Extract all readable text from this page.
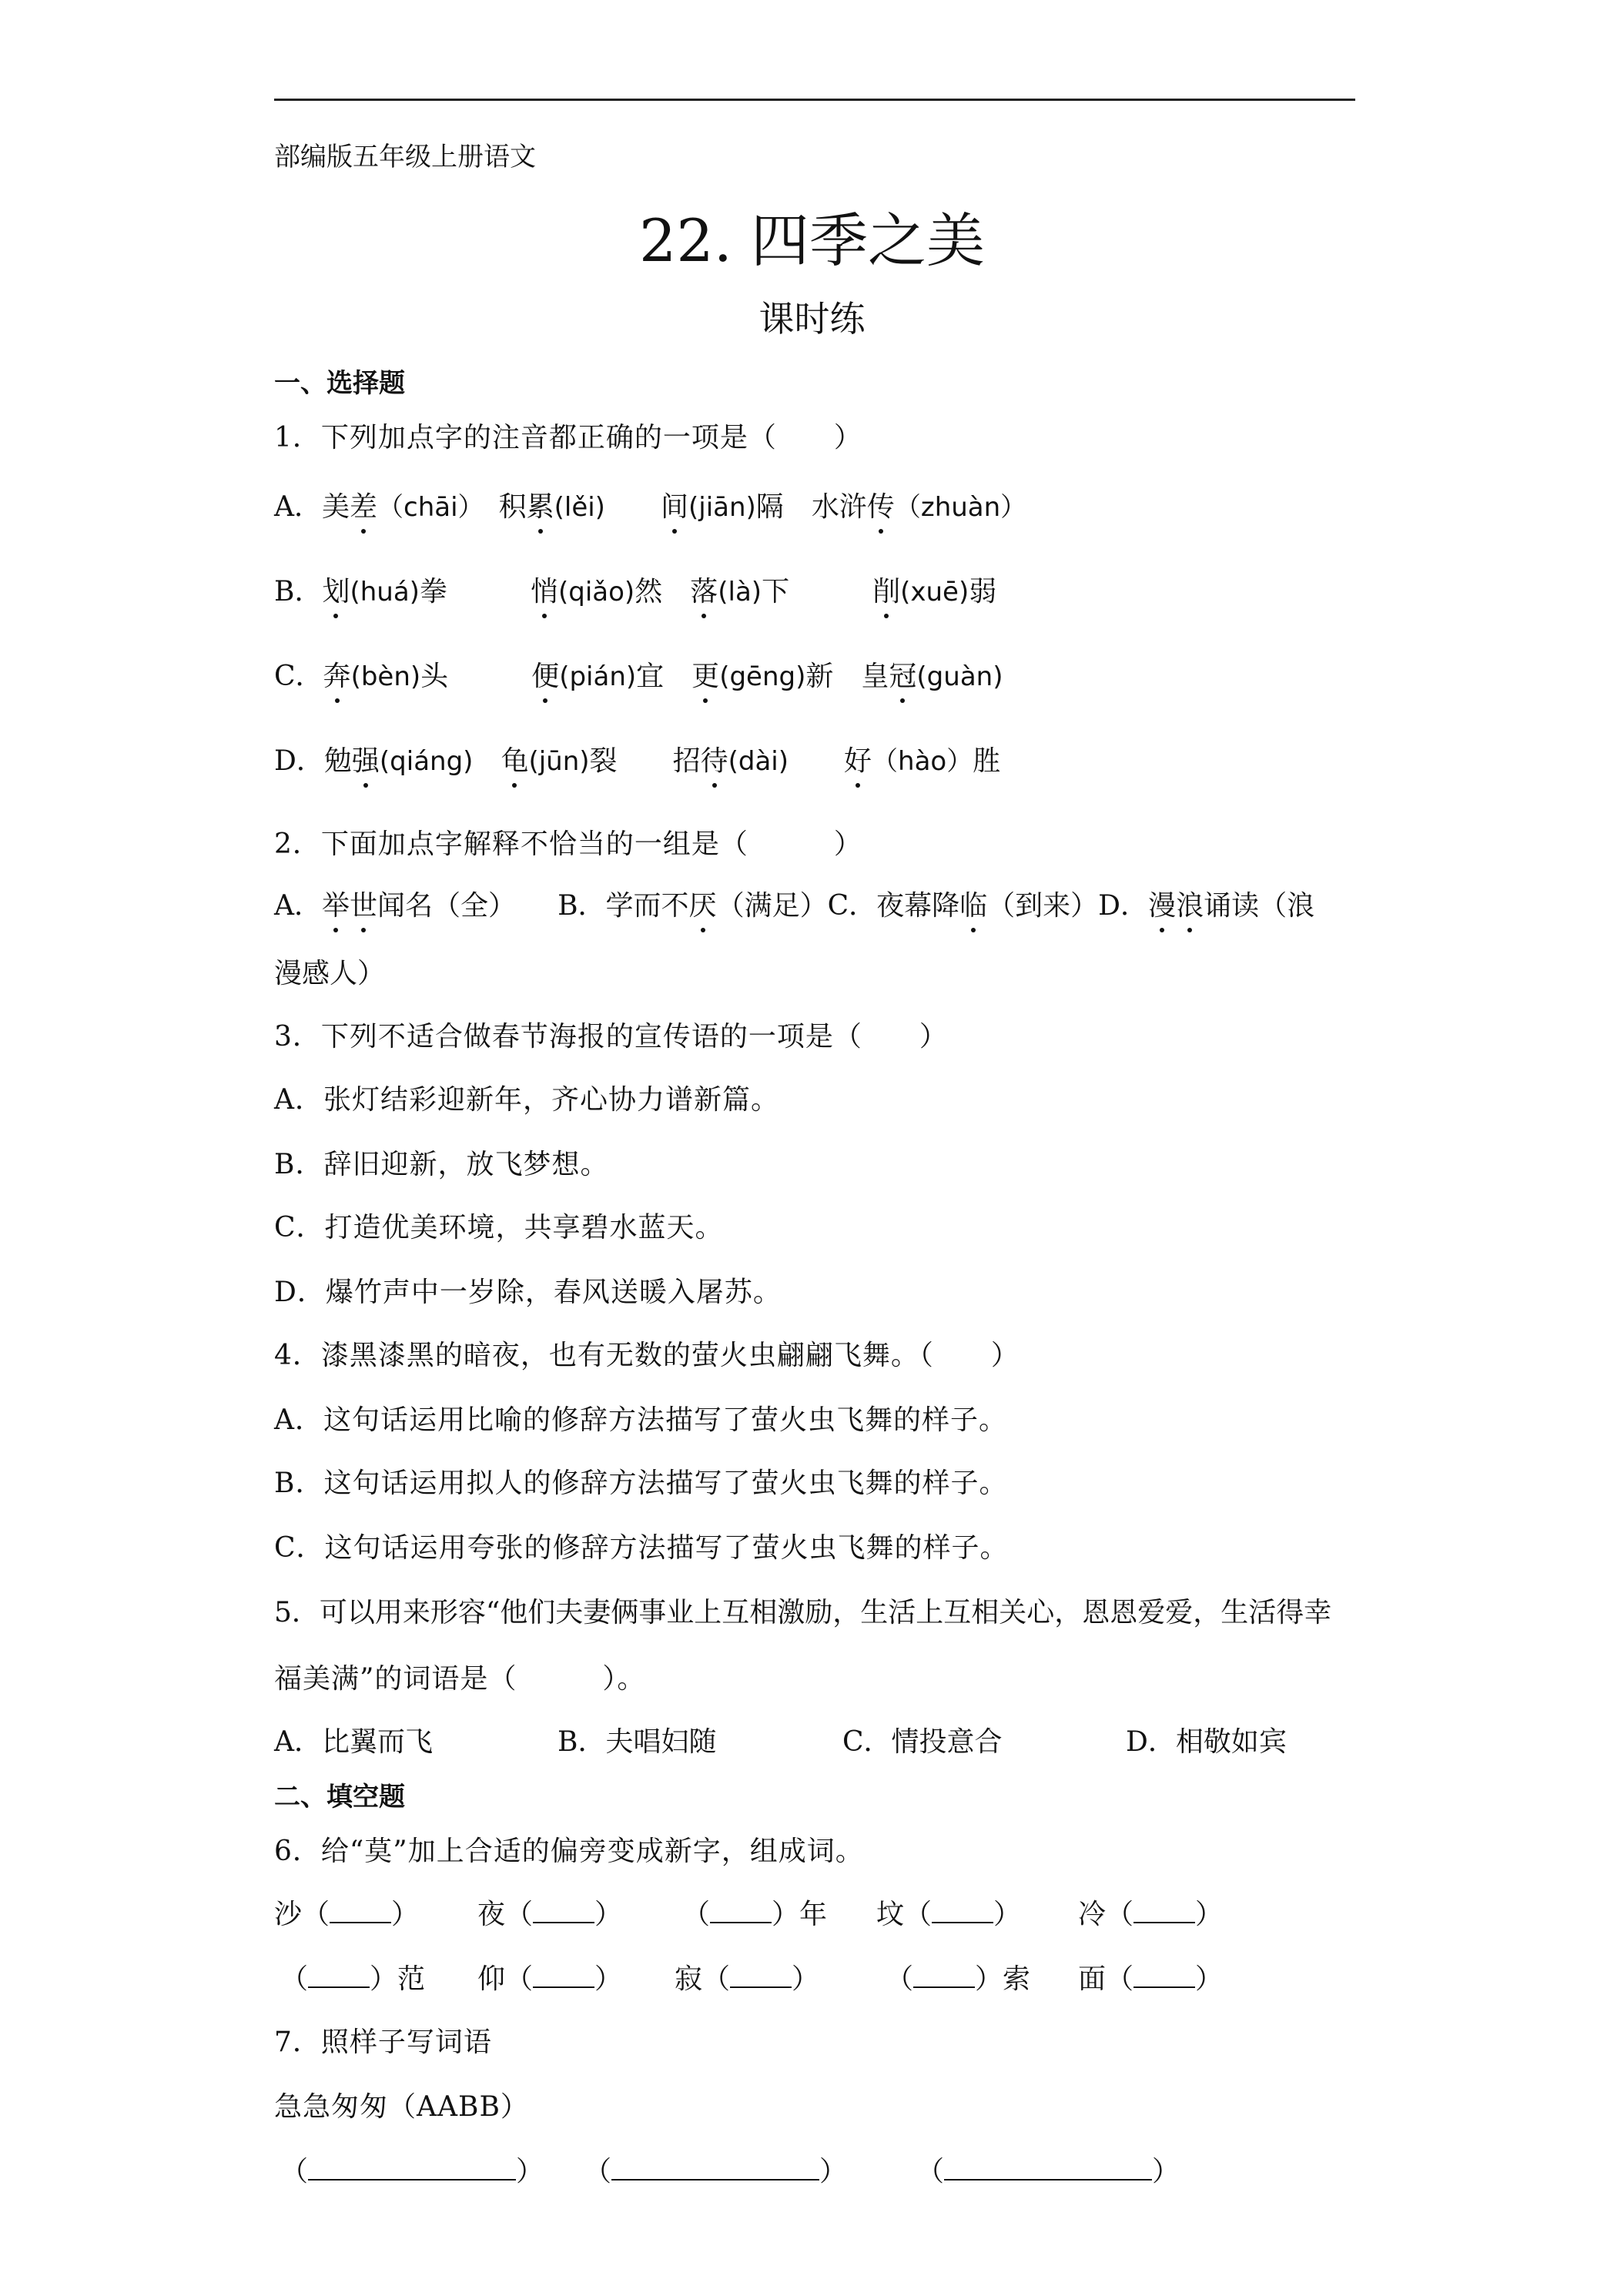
部编版五年级上册语文
22. 四季之美
课时练
一、选择题
1．下列加点字的注音都正确的一项是（　　）
A．美差（chāi）　 积累(lěi)　　 间(jiān)隔　 水浒传（zhuàn）
B．划(huá)拳　　　	悄(qiǎo)然　 落(là)下　　　	削(xuē)弱
C．奔(bèn)头　　　	便(pián)宜　 更(gēng)新　 皇冠(guàn)
D．勉强(qiáng)　 龟(jūn)裂　　 招待(dài)　　 好（hào）胜
2．下面加点字解释不恰当的一组是（　　　）
A．举世闻名（全）　　 B．学而不厌（满足）C．夜幕降临（到来）D．漫浪诵读（浪
漫感人）
3．下列不适合做春节海报的宣传语的一项是（　　）
A．张灯结彩迎新年，齐心协力谱新篇。
B．辞旧迎新，放飞梦想。
C．打造优美环境，共享碧水蓝天。
D．爆竹声中一岁除，春风送暖入屠苏。
4．漆黑漆黑的暗夜，也有无数的萤火虫翩翩飞舞。（　　）
A．这句话运用比喻的修辞方法描写了萤火虫飞舞的样子。
B．这句话运用拟人的修辞方法描写了萤火虫飞舞的样子。
C．这句话运用夸张的修辞方法描写了萤火虫飞舞的样子。
5．可以用来形容“他们夫妻俩事业上互相激励，生活上互相关心，恩恩爱爱，生活得幸
福美满”的词语是（　　　）。
A．比翼而飞	B．夫唱妇随	C．情投意合	D．相敬如宾
二、填空题
6．给“莫”加上合适的偏旁变成新字，组成词。
沙（ ） 夜（ ） （ ）年 坟（ ） 冷（ ）
（ ）范 仰（ ） 寂（ ） （ ）索 面（ ）
7．照样子写词语
急急匆匆（AABB）
（	） （	） （	）
